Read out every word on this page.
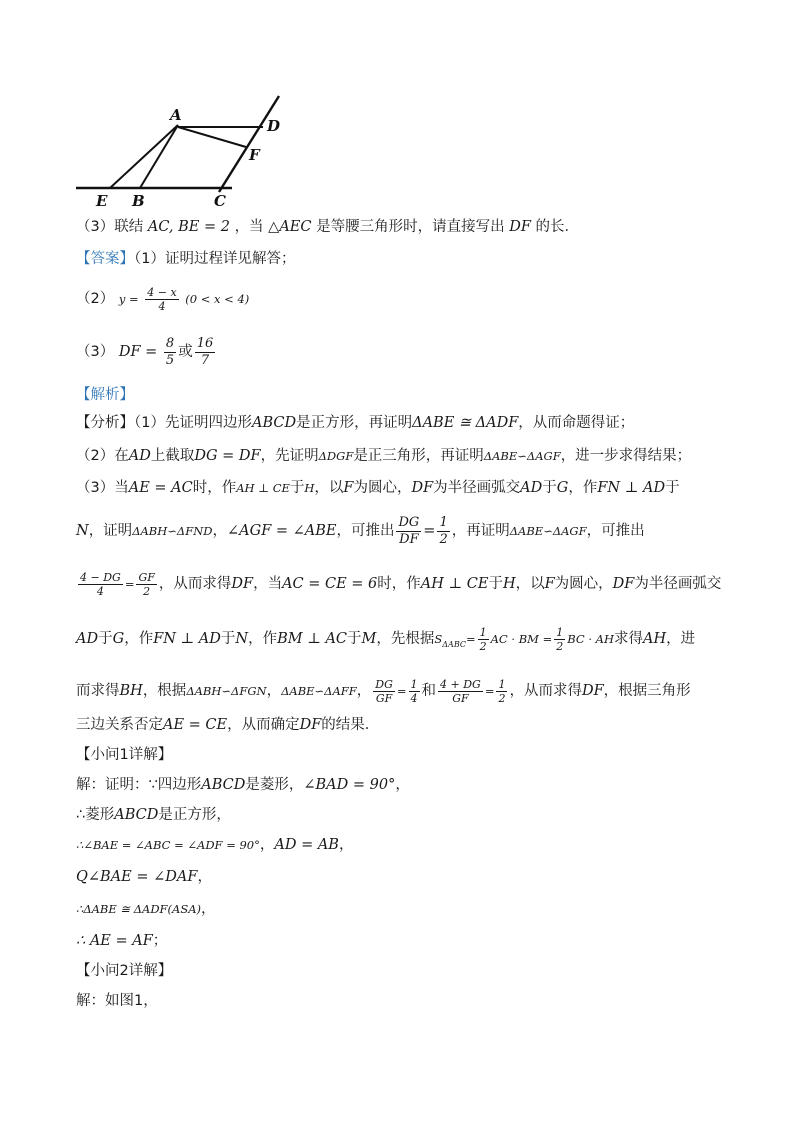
A
D
F
E B	C
（3）联结 AC, BE = 2 ，当 △AEC 是等腰三角形时，请直接写出 DF 的长．
【答案】（1）证明过程详见解答；
（2） $y = \frac{4 - x}{4} (0 < x < 4)$
（3） DF = $\frac{8}{5}$ 或 $\frac{16}{7}$
【解析】
【分析】（1）先证明四边形ABCD是正方形，再证明ΔABE ≅ ΔADF，从而命题得证；
（2）在AD上截取DG = DF，先证明ΔDGF是正三角形，再证明ΔABE∽ΔAGF，进一步求得结果；
（3）当AE = AC时，作AH ⊥ CE于H，以F为圆心，DF为半径画弧交AD于G，作FN ⊥ AD于
N，证明ΔABH∽ΔFND，∠AGF = ∠ABE，可推出 $\frac{DG}{DF} = \frac{1}{2}$ ，再证明ΔABE∽ΔAGF，可推出
$\frac{4 - DG}{4} = \frac{GF}{2}$ ，从而求得DF，当AC = CE = 6时，作AH ⊥ CE于H，以F为圆心，DF为半径画弧交
AD于G，作FN ⊥ AD于N，作BM ⊥ AC于M，先根据$S_{\Delta ABC}= \frac{1}{2}$ AC · BM = $\frac{1}{2}$ BC · AH求得AH，进
而求得BH，根据ΔABH∽ΔFGN，ΔABE∽ΔAFF， $\frac{DG}{GF} = \frac{1}{4}$ 和 $\frac{4 + DG}{GF} = \frac{1}{2}$ ，从而求得DF，根据三角形
三边关系否定AE = CE，从而确定DF的结果．
【小问1详解】
解：证明：∵四边形ABCD是菱形，∠BAD = 90°，
∴菱形ABCD是正方形，
∴∠BAE = ∠ABC = ∠ADF = 90°，AD = AB，
Q∠BAE = ∠DAF，
∴ΔABE ≅ ΔADF(ASA)，
∴ AE = AF；
【小问2详解】
解：如图1，
